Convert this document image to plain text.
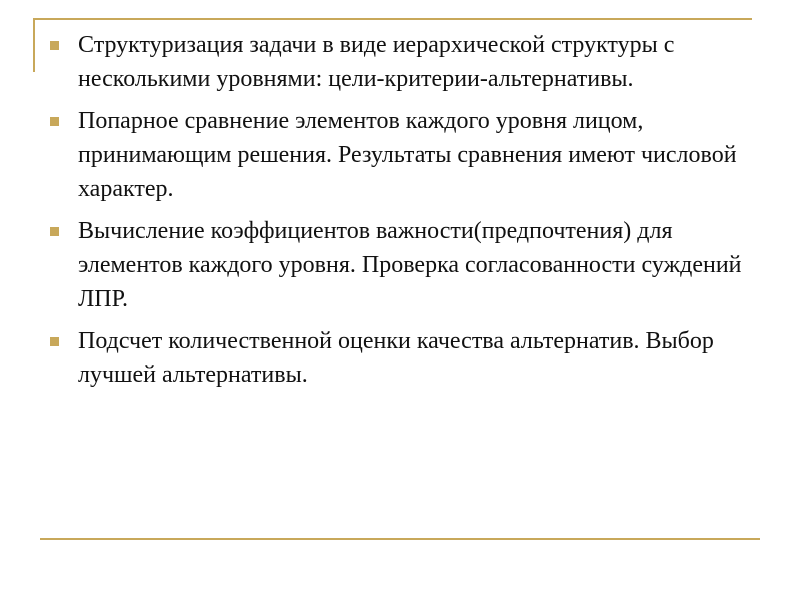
Структуризация задачи в виде иерархической структуры с несколькими уровнями: цели-критерии-альтернативы.
Попарное сравнение элементов каждого уровня лицом, принимающим решения. Результаты сравнения имеют числовой характер.
Вычисление коэффициентов важности(предпочтения) для элементов каждого уровня. Проверка согласованности суждений ЛПР.
Подсчет количественной оценки качества альтернатив. Выбор лучшей альтернативы.
